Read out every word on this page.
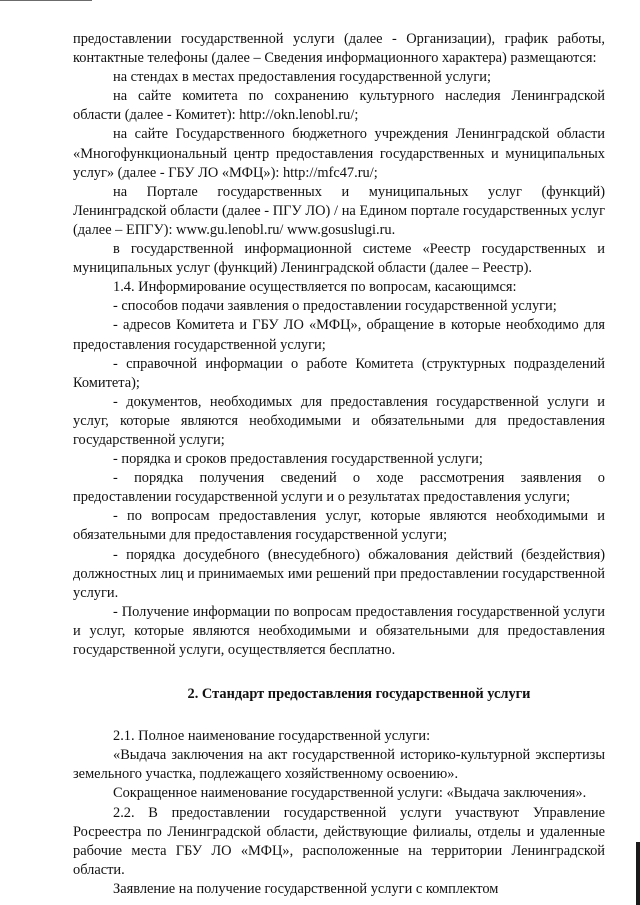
предоставлении государственной услуги (далее - Организации), график работы, контактные телефоны (далее – Сведения информационного характера) размещаются:

на стендах в местах предоставления государственной услуги;

на сайте комитета по сохранению культурного наследия Ленинградской области (далее - Комитет): http://okn.lenobl.ru/;

на сайте Государственного бюджетного учреждения Ленинградской области «Многофункциональный центр предоставления государственных и муниципальных услуг» (далее - ГБУ ЛО «МФЦ»): http://mfc47.ru/;

на Портале государственных и муниципальных услуг (функций) Ленинградской области (далее - ПГУ ЛО) / на Едином портале государственных услуг (далее – ЕПГУ): www.gu.lenobl.ru/ www.gosuslugi.ru.

в государственной информационной системе «Реестр государственных и муниципальных услуг (функций) Ленинградской области (далее – Реестр).

1.4. Информирование осуществляется по вопросам, касающимся:

- способов подачи заявления о предоставлении государственной услуги;

- адресов Комитета и ГБУ ЛО «МФЦ», обращение в которые необходимо для предоставления государственной услуги;

- справочной информации о работе Комитета (структурных подразделений Комитета);

- документов, необходимых для предоставления государственной услуги и услуг, которые являются необходимыми и обязательными для предоставления государственной услуги;

- порядка и сроков предоставления государственной услуги;

- порядка получения сведений о ходе рассмотрения заявления о предоставлении государственной услуги и о результатах предоставления услуги;

- по вопросам предоставления услуг, которые являются необходимыми и обязательными для предоставления государственной услуги;

- порядка досудебного (внесудебного) обжалования действий (бездействия) должностных лиц и принимаемых ими решений при предоставлении государственной услуги.

- Получение информации по вопросам предоставления государственной услуги и услуг, которые являются необходимыми и обязательными для предоставления государственной услуги, осуществляется бесплатно.

2. Стандарт предоставления государственной услуги

2.1. Полное наименование государственной услуги:

«Выдача заключения на акт государственной историко-культурной экспертизы земельного участка, подлежащего хозяйственному освоению».

Сокращенное наименование государственной услуги: «Выдача заключения».

2.2. В предоставлении государственной услуги участвуют Управление Росреестра по Ленинградской области, действующие филиалы, отделы и удаленные рабочие места ГБУ ЛО «МФЦ», расположенные на территории Ленинградской области.

Заявление на получение государственной услуги с комплектом
